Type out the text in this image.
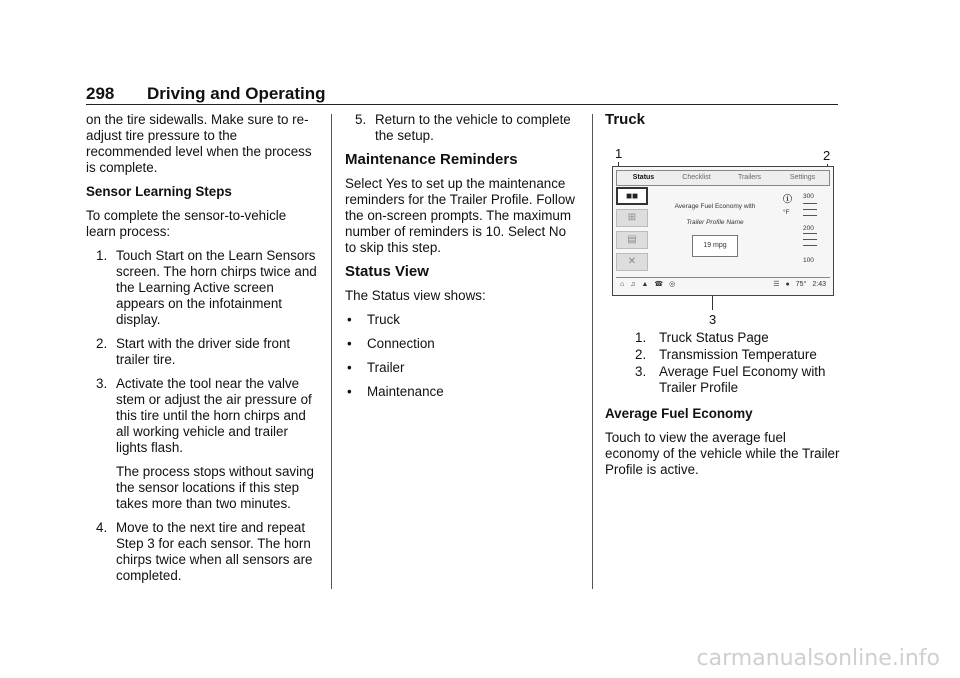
298 Driving and Operating

on the tire sidewalls. Make sure to re-adjust tire pressure to the recommended level when the process is complete.

Sensor Learning Steps

To complete the sensor-to-vehicle learn process:

1. Touch Start on the Learn Sensors screen. The horn chirps twice and the Learning Active screen appears on the infotainment display.
2. Start with the driver side front trailer tire.
3. Activate the tool near the valve stem or adjust the air pressure of this tire until the horn chirps and all working vehicle and trailer lights flash.

The process stops without saving the sensor locations if this step takes more than two minutes.

4. Move to the next tire and repeat Step 3 for each sensor. The horn chirps twice when all sensors are completed.
5. Return to the vehicle to complete the setup.
Maintenance Reminders

Select Yes to set up the maintenance reminders for the Trailer Profile. Follow the on-screen prompts. The maximum number of reminders is 10. Select No to skip this step.

Status View

The Status view shows:

• Truck
• Connection
• Trailer
• Maintenance
Truck
1	2
3
Status	Checklist	Trailers	Settings
■■
⊞
▤
✕
Average Fuel Economy with
Trailer Profile Name
19 mpg
ⓘ
°F
300
200
100
⌂ ♫ ▲ ☎ ◎	☰ ● 75° 2:43
1. Truck Status Page
2. Transmission Temperature
3. Average Fuel Economy with Trailer Profile

Average Fuel Economy

Touch to view the average fuel economy of the vehicle while the Trailer Profile is active.

carmanualsonline.info
